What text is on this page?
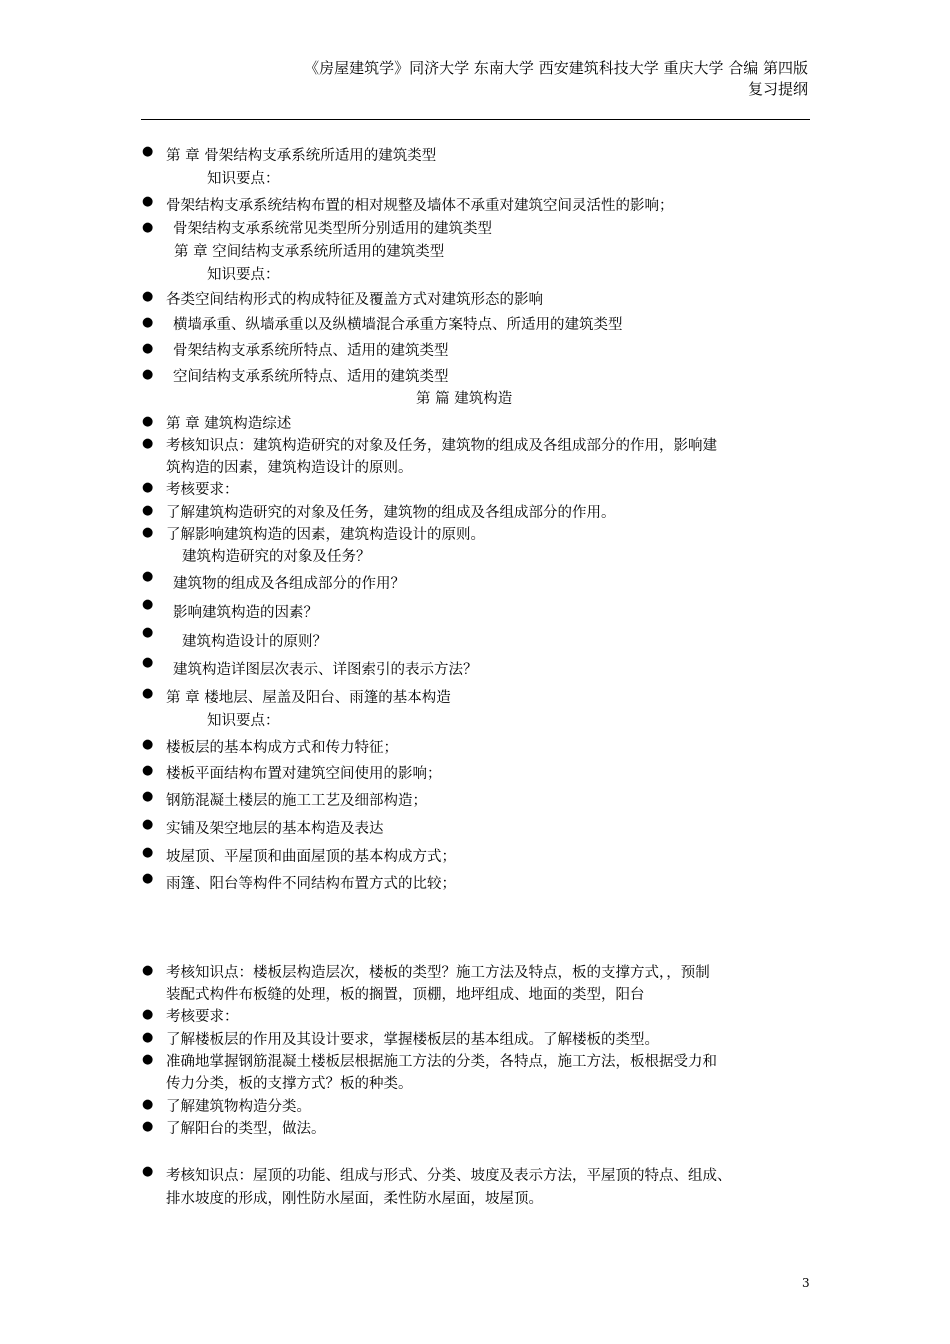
《房屋建筑学》同济大学 东南大学 西安建筑科技大学 重庆大学 合编 第四版
复习提纲
●
●
●
●
●
●
●
●
●
●
●
●
●
●
●
●
●
●
●
●
●
●
●
●
●
●
●
●
●
●
第 章 骨架结构支承系统所适用的建筑类型
知识要点：
骨架结构支承系统结构布置的相对规整及墙体不承重对建筑空间灵活性的影响；
骨架结构支承系统常见类型所分别适用的建筑类型
第 章 空间结构支承系统所适用的建筑类型
知识要点：
各类空间结构形式的构成特征及覆盖方式对建筑形态的影响
横墙承重、纵墙承重以及纵横墙混合承重方案特点、所适用的建筑类型
骨架结构支承系统所特点、适用的建筑类型
空间结构支承系统所特点、适用的建筑类型
第 篇 建筑构造
第 章 建筑构造综述
考核知识点：建筑构造研究的对象及任务，建筑物的组成及各组成部分的作用，影响建
筑构造的因素，建筑构造设计的原则。
考核要求：
了解建筑构造研究的对象及任务，建筑物的组成及各组成部分的作用。
了解影响建筑构造的因素，建筑构造设计的原则。
建筑构造研究的对象及任务？
建筑物的组成及各组成部分的作用？
影响建筑构造的因素？
建筑构造设计的原则？
建筑构造详图层次表示、详图索引的表示方法？
第 章 楼地层、屋盖及阳台、雨篷的基本构造
知识要点：
楼板层的基本构成方式和传力特征；
楼板平面结构布置对建筑空间使用的影响；
钢筋混凝土楼层的施工工艺及细部构造；
实铺及架空地层的基本构造及表达
坡屋顶、平屋顶和曲面屋顶的基本构成方式；
雨篷、阳台等构件不同结构布置方式的比较；
考核知识点：楼板层构造层次，楼板的类型？施工方法及特点，板的支撑方式，，预制
装配式构件布板缝的处理，板的搁置，顶棚，地坪组成、地面的类型，阳台
考核要求：
了解楼板层的作用及其设计要求，掌握楼板层的基本组成。了解楼板的类型。
准确地掌握钢筋混凝土楼板层根据施工方法的分类，各特点，施工方法，板根据受力和
传力分类，板的支撑方式？板的种类。
了解建筑物构造分类。
了解阳台的类型，做法。
考核知识点：屋顶的功能、组成与形式、分类、坡度及表示方法，平屋顶的特点、组成、
排水坡度的形成，刚性防水屋面，柔性防水屋面，坡屋顶。
3
